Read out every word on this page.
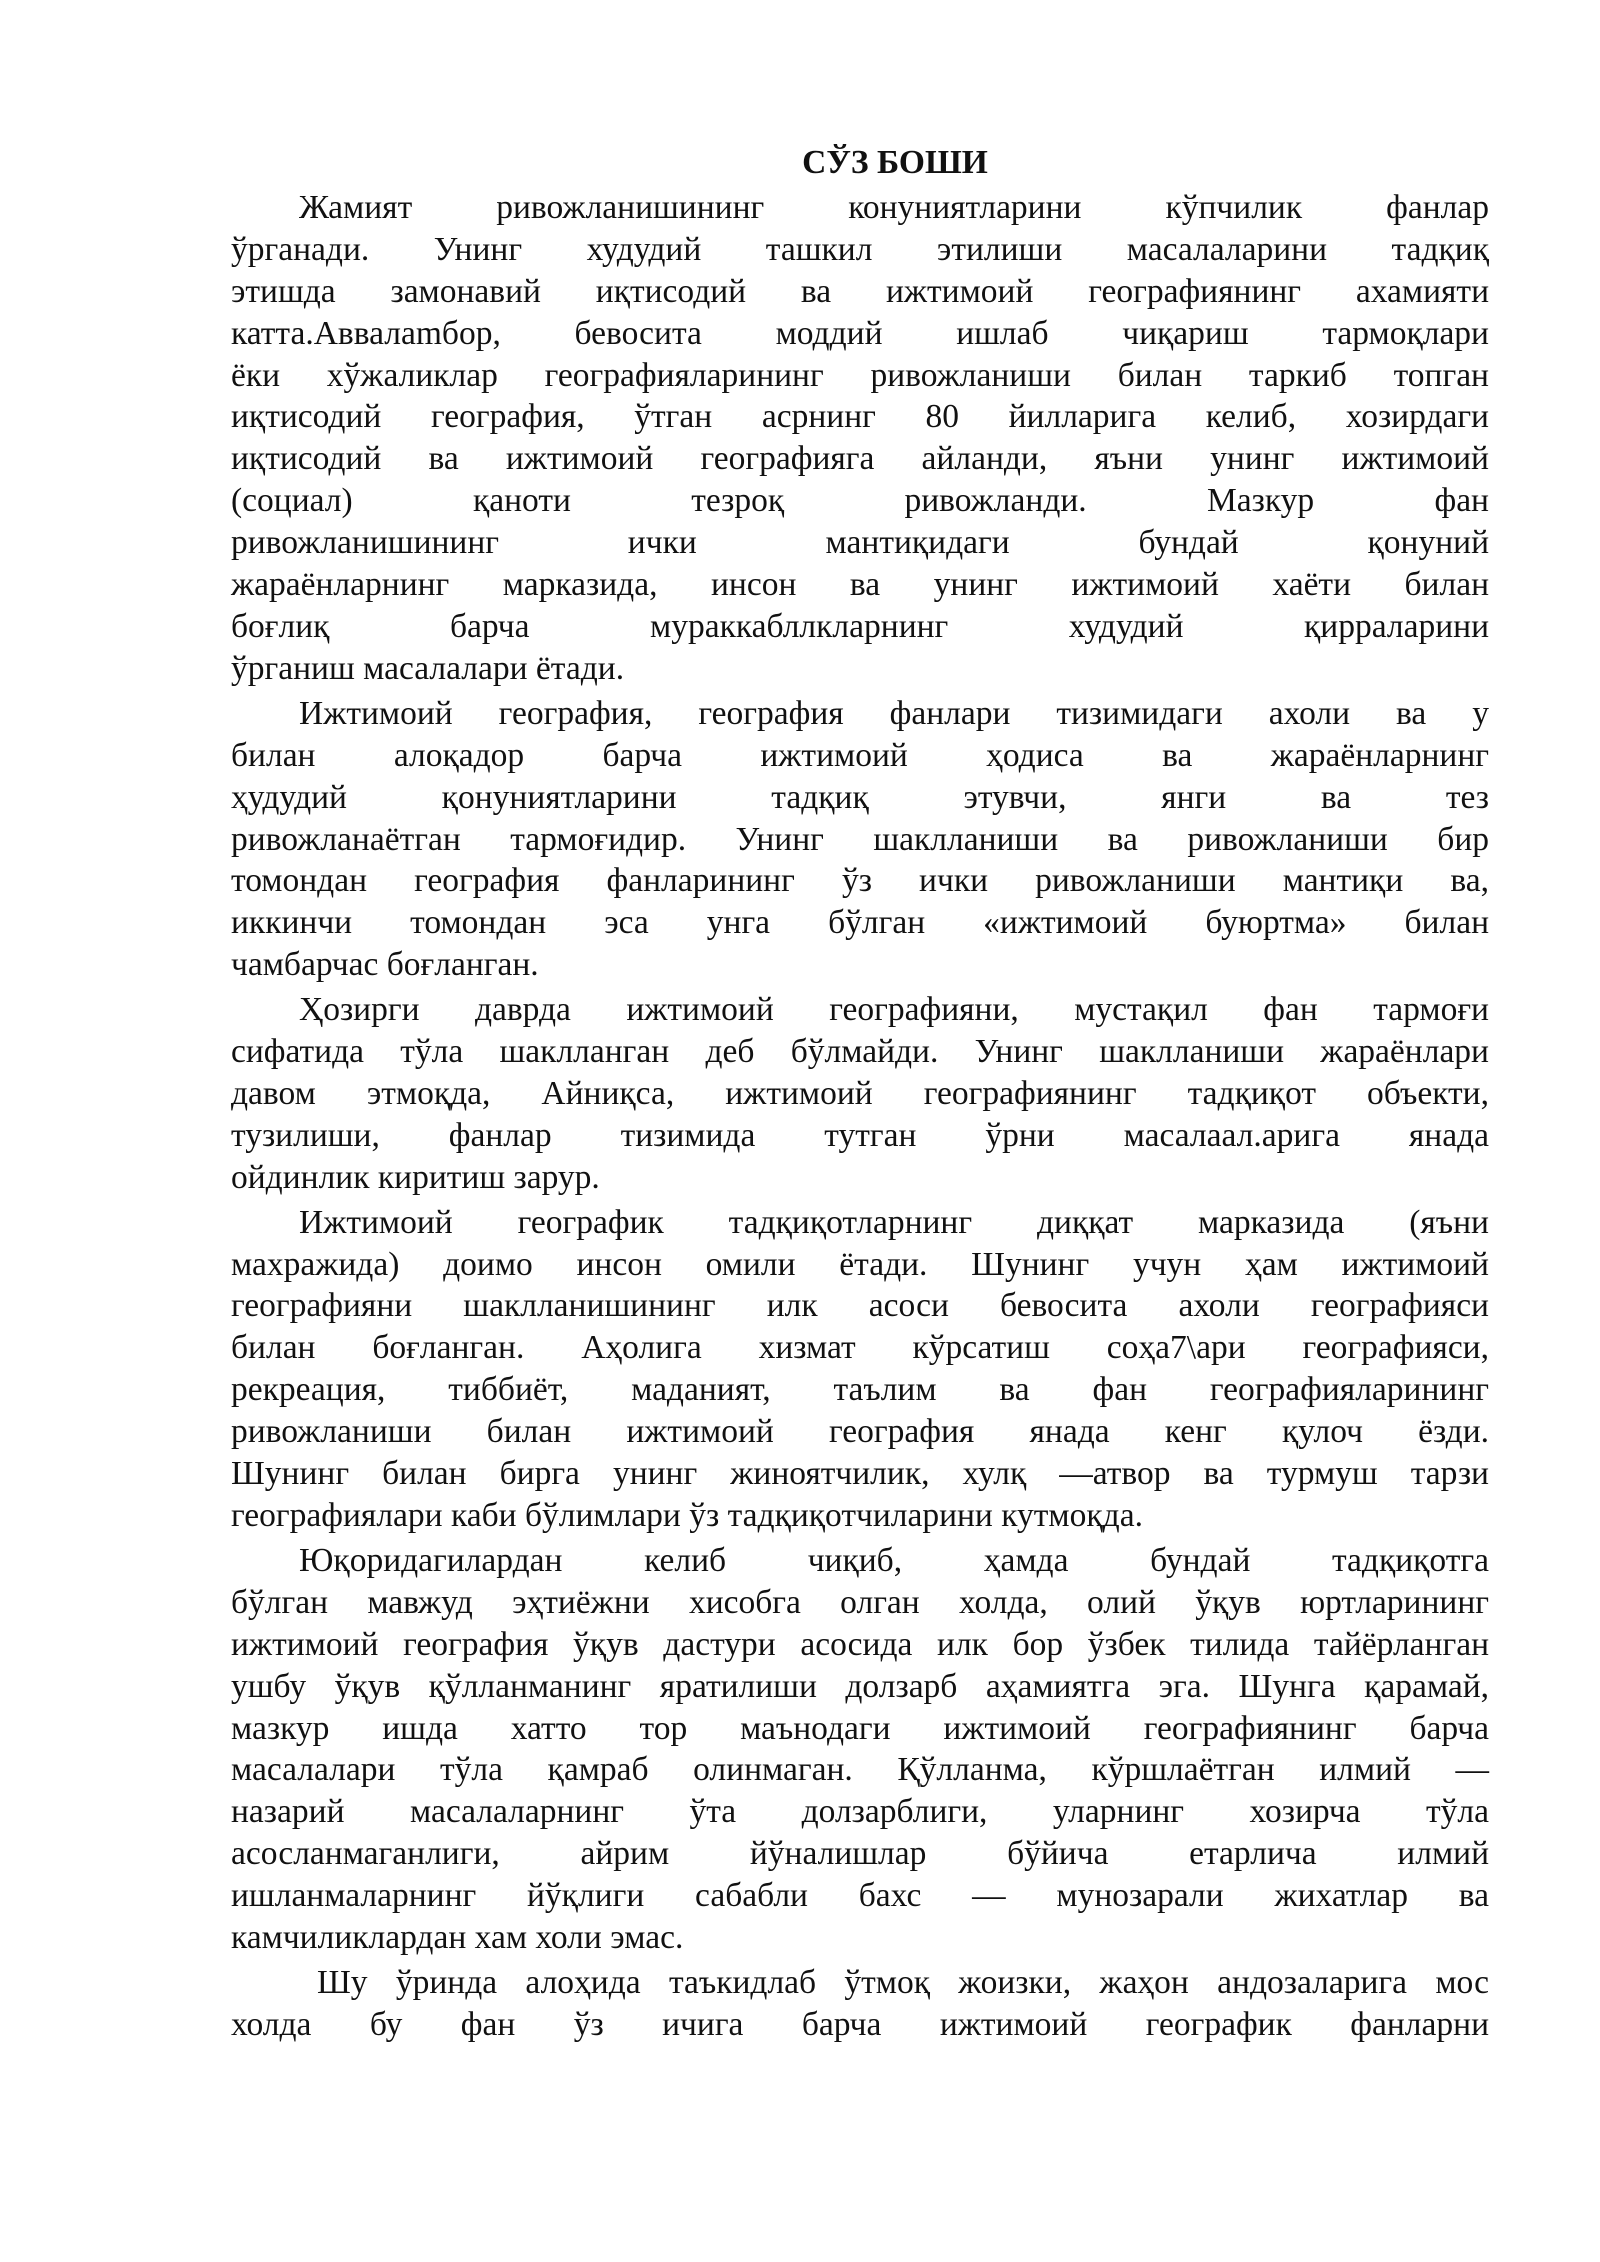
СЎЗ БОШИ
Жамият ривожланишининг конуниятларини кўпчилик фанлар
ўрганади. Унинг худудий ташкил этилиши масалаларини тадқиқ
этишда замонавий иқтисодий ва ижтимоий географиянинг ахамияти
катта.Аввалamбор, бевосита моддий ишлаб чиқариш тармоқлари
ёки хўжаликлар географияларининг ривожланиши билан таркиб топган
иқтисодий география, ўтган асрнинг 80 йилларига келиб, хозирдаги
иқтисодий ва ижтимоий географияга айланди, яъни унинг ижтимоий
(социал) қаноти тезроқ ривожланди. Мазкур фан
ривожланишининг ички мантиқидаги бундай қонуний
жараёнларнинг марказида, инсон ва унинг ижтимоий хаёти билан
боғлиқ барча мураккабллкларнинг худудий қирраларини
ўрганиш масалалари ётади.
Ижтимоий география, география фанлари тизимидаги ахоли ва у
билан алоқадор барча ижтимоий ҳодиса ва жараёнларнинг
ҳудудий қонуниятларини тадқиқ этувчи, янги ва тез
ривожланаётган тармоғидир. Унинг шаклланиши ва ривожланиши бир
томондан география фанларининг ўз ички ривожланиши мантиқи ва,
иккинчи томондан эса унга бўлган «ижтимоий буюртма» билан
чамбарчас боғланган.
Ҳозирги даврда ижтимоий географияни, мустақил фан тармоғи
сифатида тўла шаклланган деб бўлмайди. Унинг шаклланиши жараёнлари
давом этмоқда, Айниқса, ижтимоий географиянинг тадқиқот объекти,
тузилиши, фанлар тизимида тутган ўрни масалаал.арига янада
ойдинлик киритиш зарур.
Ижтимоий географик тадқиқотларнинг диққат марказида (яъни
махражида) доимо инсон омили ётади. Шунинг учун ҳам ижтимоий
географияни шаклланишининг илк асоси бевосита ахоли географияси
билан боғланган. Аҳолига хизмат кўрсатиш соҳа7\ари географияси,
рекреация, тиббиёт, маданият, таълим ва фан географияларининг
ривожланиши билан ижтимоий география янада кенг қулоч ёзди.
Шунинг билан бирга унинг жиноятчилик, хулқ —атвор ва турмуш тарзи
географиялари каби бўлимлари ўз тадқиқотчиларини кутмоқда.
Юқоридагилардан келиб чиқиб, ҳамда бундай тадқиқотга
бўлган мавжуд эҳтиёжни хисобга олган холда, олий ўқув юртларининг
ижтимоий география ўқув дастури асосида илк бор ўзбек тилида тайёрланган
ушбу ўқув қўлланманинг яратилиши долзарб аҳамиятга эга. Шунга қарамай,
мазкур ишда хатто тор маънодаги ижтимоий географиянинг барча
масалалари тўла қамраб олинмаган. Қўлланма, кўршлаётган илмий —
назарий масалаларнинг ўта долзарблиги, уларнинг хозирча тўла
асосланмаганлиги, айрим йўналишлар бўйича етарлича илмий
ишланмаларнинг йўқлиги сабабли бахс — мунозарали жихатлар ва
камчиликлардан хам холи эмас.
Шу ўринда алоҳида таъкидлаб ўтмоқ жоизки, жаҳон андозаларига мос
холда бу фан ўз ичига барча ижтимоий географик фанларни
